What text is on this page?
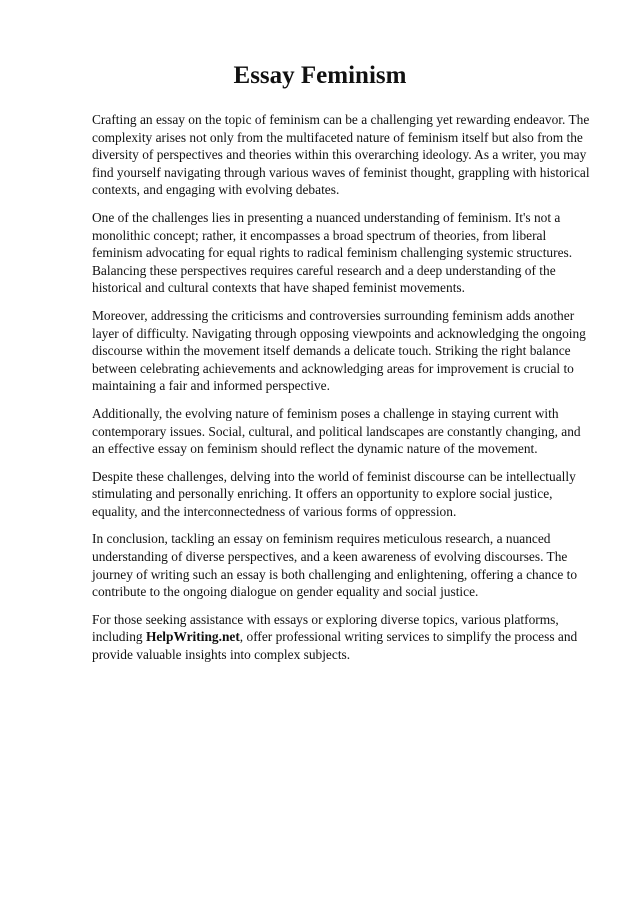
Essay Feminism

Crafting an essay on the topic of feminism can be a challenging yet rewarding endeavor. The complexity arises not only from the multifaceted nature of feminism itself but also from the diversity of perspectives and theories within this overarching ideology. As a writer, you may find yourself navigating through various waves of feminist thought, grappling with historical contexts, and engaging with evolving debates.

One of the challenges lies in presenting a nuanced understanding of feminism. It's not a monolithic concept; rather, it encompasses a broad spectrum of theories, from liberal feminism advocating for equal rights to radical feminism challenging systemic structures. Balancing these perspectives requires careful research and a deep understanding of the historical and cultural contexts that have shaped feminist movements.

Moreover, addressing the criticisms and controversies surrounding feminism adds another layer of difficulty. Navigating through opposing viewpoints and acknowledging the ongoing discourse within the movement itself demands a delicate touch. Striking the right balance between celebrating achievements and acknowledging areas for improvement is crucial to maintaining a fair and informed perspective.

Additionally, the evolving nature of feminism poses a challenge in staying current with contemporary issues. Social, cultural, and political landscapes are constantly changing, and an effective essay on feminism should reflect the dynamic nature of the movement.

Despite these challenges, delving into the world of feminist discourse can be intellectually stimulating and personally enriching. It offers an opportunity to explore social justice, equality, and the interconnectedness of various forms of oppression.

In conclusion, tackling an essay on feminism requires meticulous research, a nuanced understanding of diverse perspectives, and a keen awareness of evolving discourses. The journey of writing such an essay is both challenging and enlightening, offering a chance to contribute to the ongoing dialogue on gender equality and social justice.

For those seeking assistance with essays or exploring diverse topics, various platforms, including HelpWriting.net, offer professional writing services to simplify the process and provide valuable insights into complex subjects.
